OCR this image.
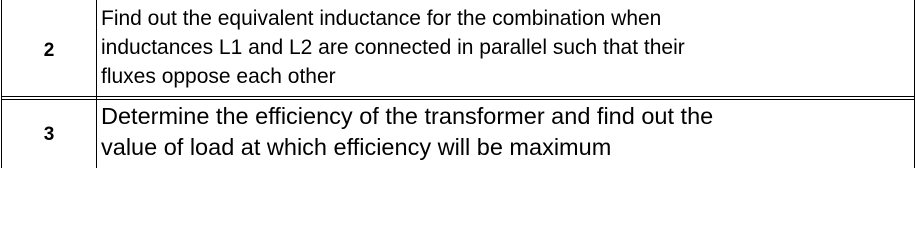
2
Find out the equivalent inductance for the combination when
inductances L1 and L2 are connected in parallel such that their
fluxes oppose each other
3
Determine the efficiency of the transformer and find out the
value of load at which efficiency will be maximum
